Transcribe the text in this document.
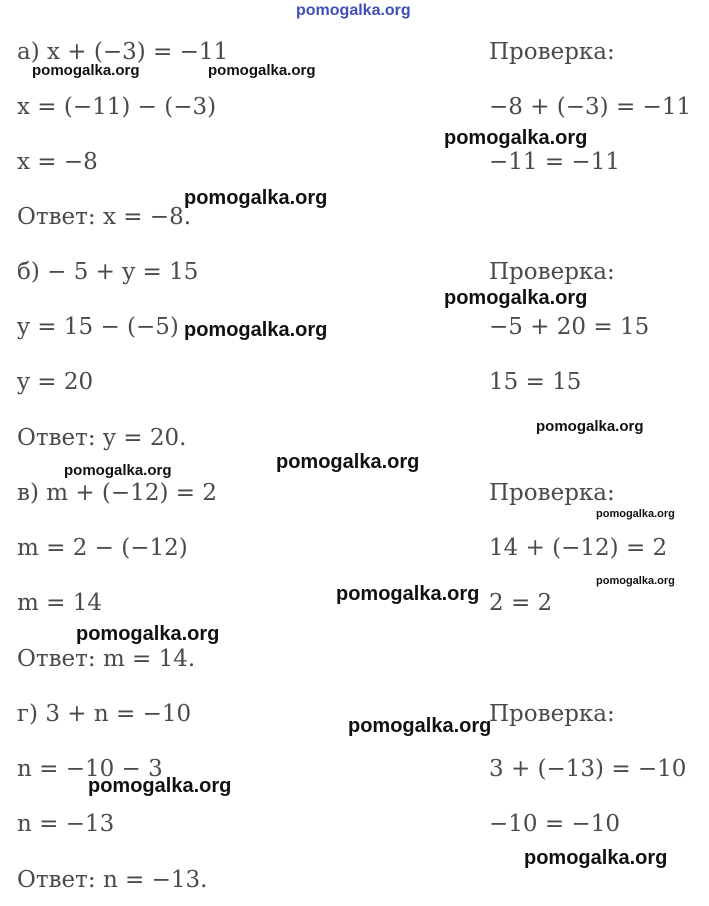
pomogalka.org
а) x + (−3) = −11
x = (−11) − (−3)
x = −8
Ответ: x = −8.
Проверка:
−8 + (−3) = −11
−11 = −11
б) − 5 + y = 15
y = 15 − (−5)
y = 20
Ответ: y = 20.
Проверка:
−5 + 20 = 15
15 = 15
в) m + (−12) = 2
m = 2 − (−12)
m = 14
Ответ: m = 14.
Проверка:
14 + (−12) = 2
2 = 2
г) 3 + n = −10
n = −10 − 3
n = −13
Ответ: n = −13.
Проверка:
3 + (−13) = −10
−10 = −10
pomogalka.org	pomogalka.org
pomogalka.org
pomogalka.org
pomogalka.org
pomogalka.org
pomogalka.org
pomogalka.org
pomogalka.org
pomogalka.org
pomogalka.org
pomogalka.org
pomogalka.org
pomogalka.org
pomogalka.org
pomogalka.org
